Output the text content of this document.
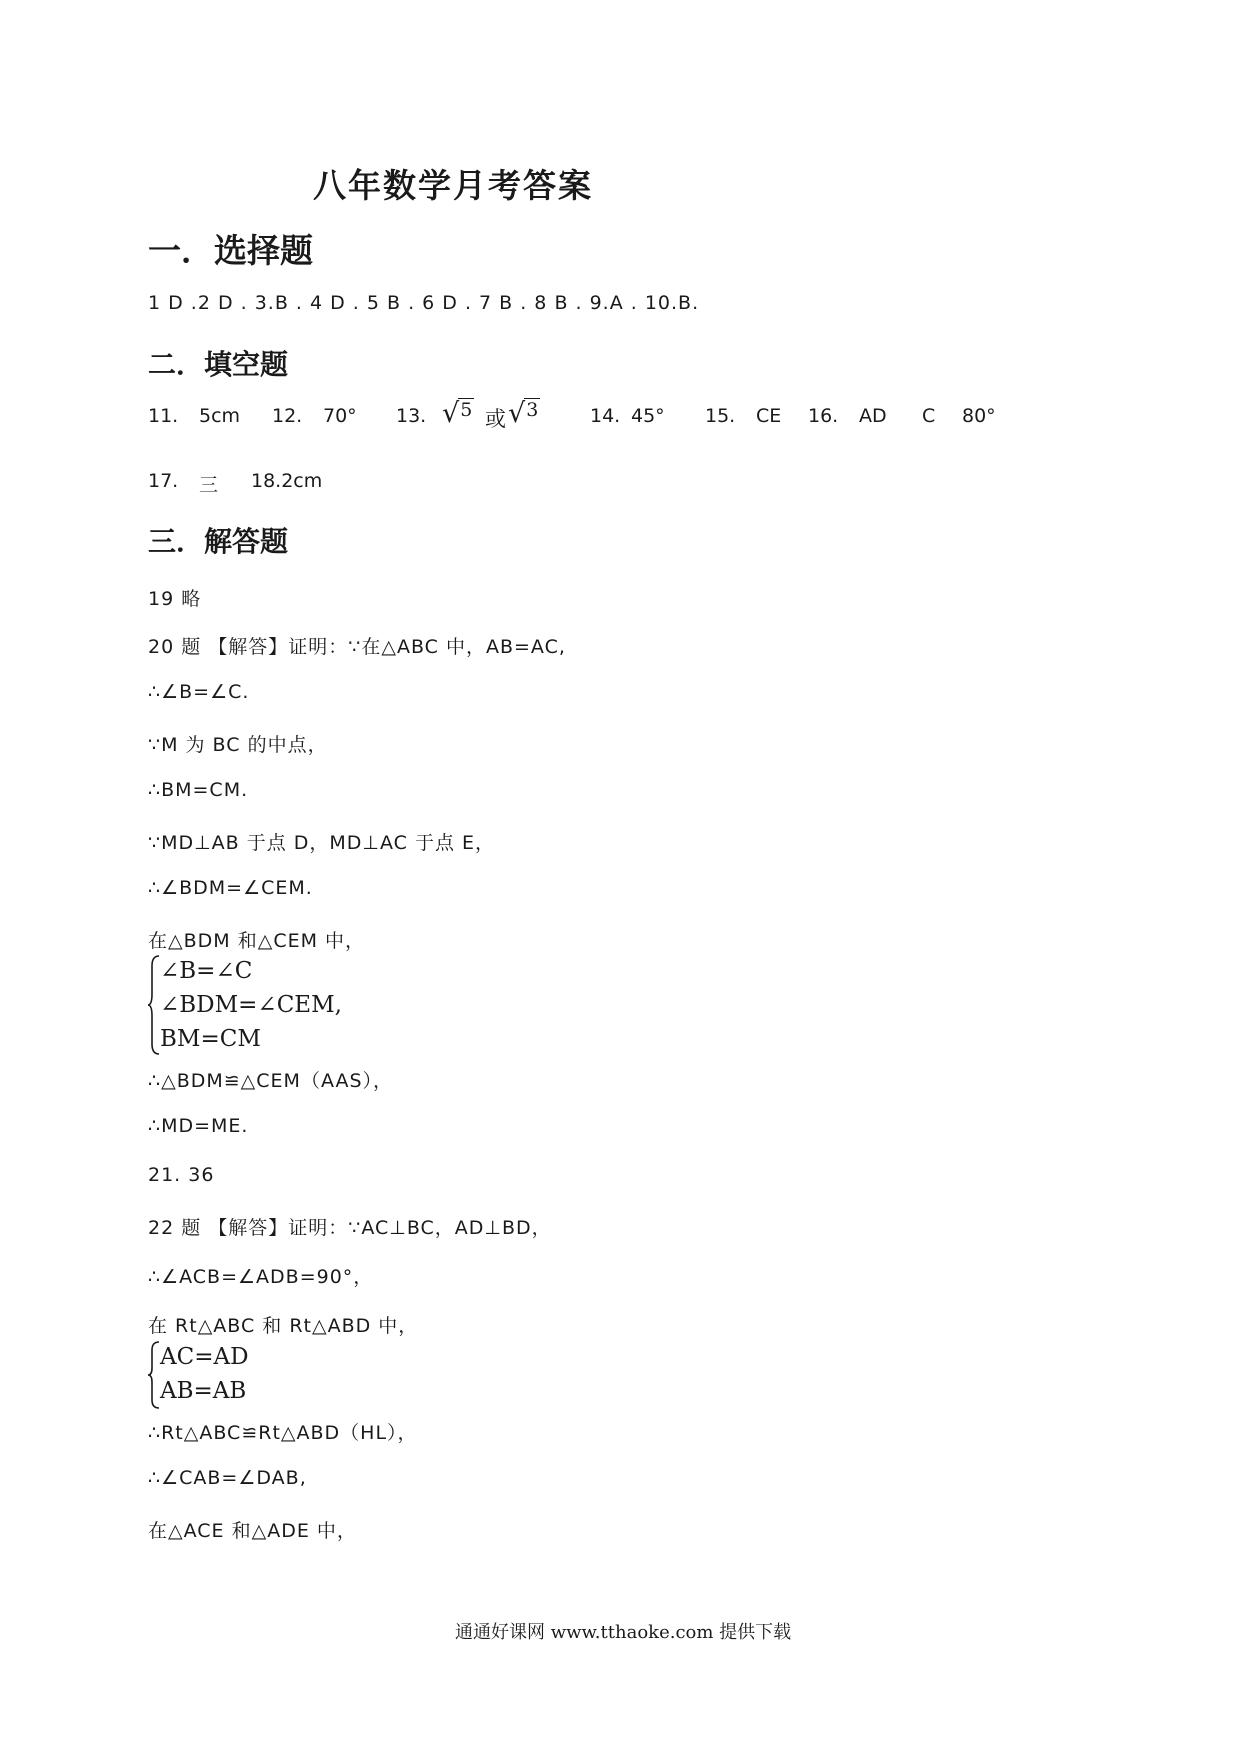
八年数学月考答案
一．选择题
1 D .2 D . 3.B . 4 D . 5 B . 6 D . 7 B . 8 B . 9.A . 10.B.
二．填空题
11. 5cm 12. 70° 13. √ 5 或 √ 3	14. 45° 15. CE 16. AD C 80°
17. 三 18.2cm
三．解答题
19 略
20 题 【解答】证明：∵在△ABC 中，AB=AC,
∴∠B=∠C.
∵M 为 BC 的中点，
∴BM=CM.
∵MD⊥AB 于点 D，MD⊥AC 于点 E，
∴∠BDM=∠CEM.
在△BDM 和△CEM 中，
∠B=∠C
∠BDM=∠CEM,
BM=CM
∴△BDM≌△CEM（AAS），
∴MD=ME.
21. 36
22 题 【解答】证明：∵AC⊥BC，AD⊥BD，
∴∠ACB=∠ADB=90°，
在 Rt△ABC 和 Rt△ABD 中，
AC=AD
AB=AB
∴Rt△ABC≌Rt△ABD（HL），
∴∠CAB=∠DAB,
在△ACE 和△ADE 中，
通通好课网 www.tthaoke.com 提供下载
